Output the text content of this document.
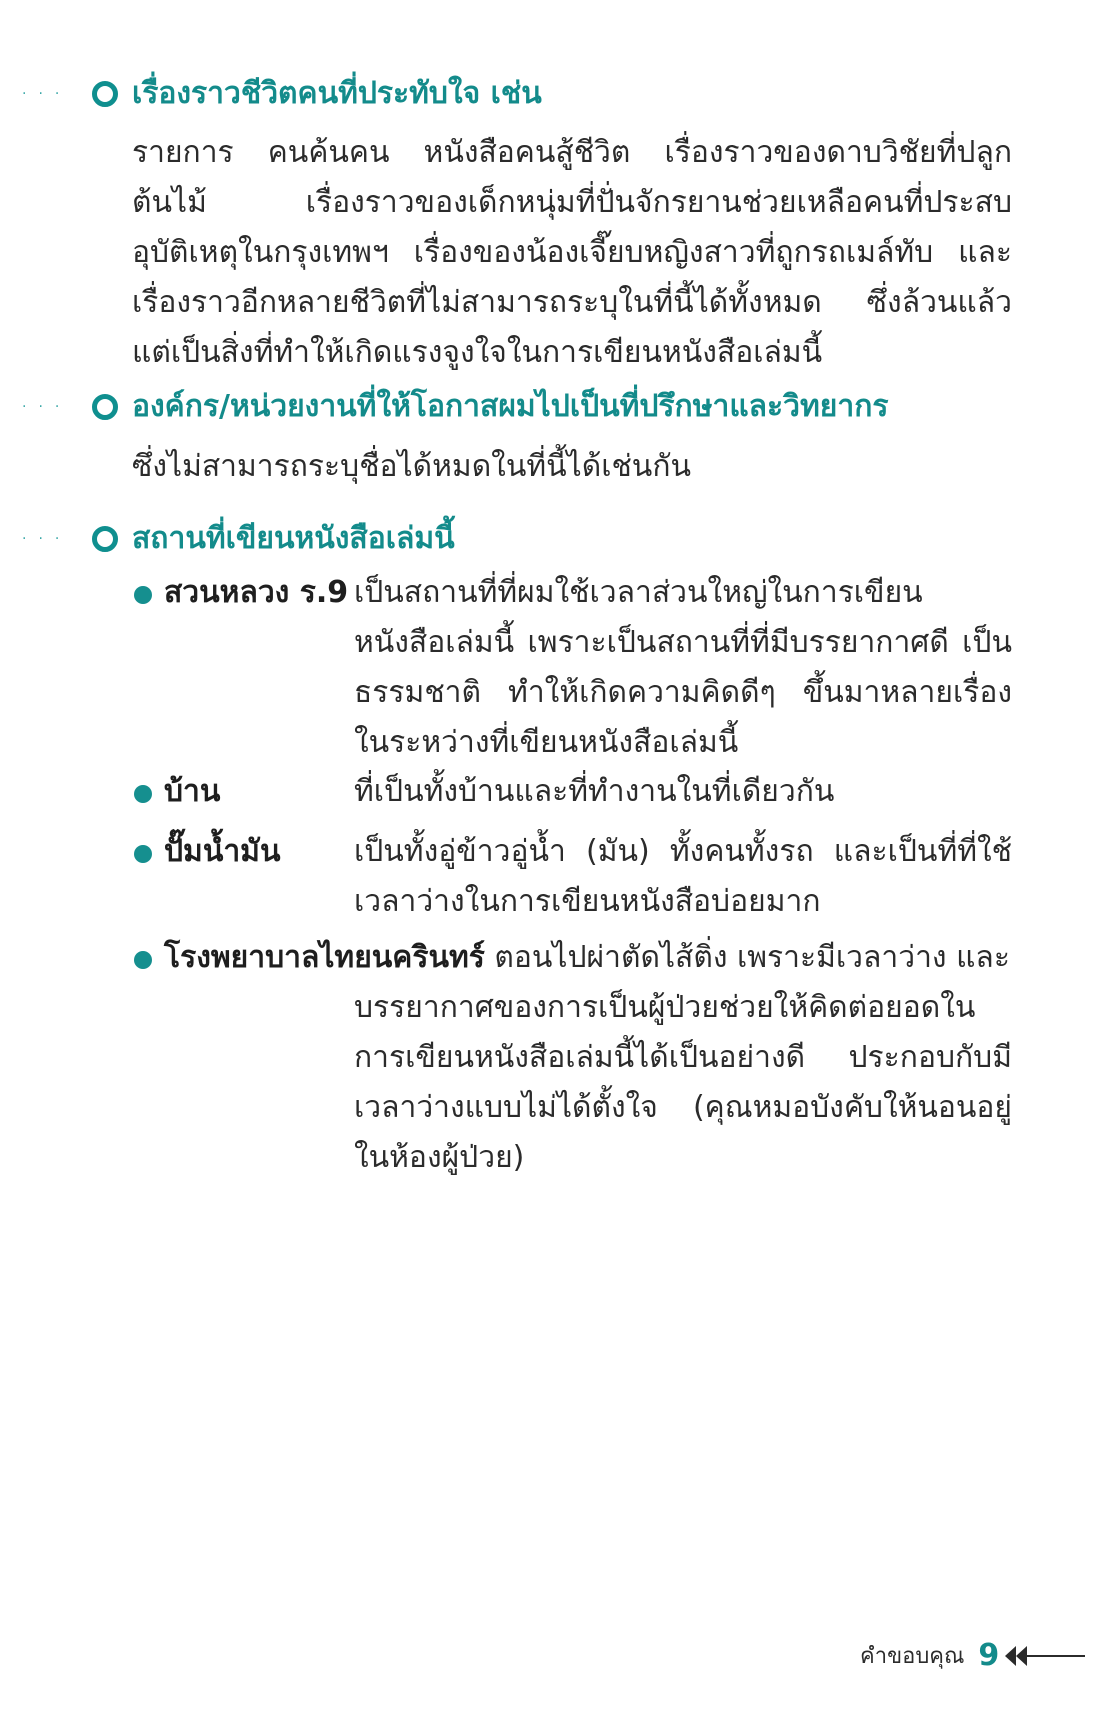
···	เรื่องราวชีวิตคนที่ประทับใจ เช่น
รายการ คนค้นคน หนังสือคนสู้ชีวิต เรื่องราวของดาบวิชัยที่ปลูกต้นไม้ เรื่องราวของเด็กหนุ่มที่ปั่นจักรยานช่วยเหลือคนที่ประสบอุบัติเหตุในกรุงเทพฯ เรื่องของน้องเจี๊ยบหญิงสาวที่ถูกรถเมล์ทับ และเรื่องราวอีกหลายชีวิตที่ไม่สามารถระบุในที่นี้ได้ทั้งหมด ซึ่งล้วนแล้วแต่เป็นสิ่งที่ทำให้เกิดแรงจูงใจในการเขียนหนังสือเล่มนี้
···	องค์กร/หน่วยงานที่ให้โอกาสผมไปเป็นที่ปรึกษาและวิทยากร
ซึ่งไม่สามารถระบุชื่อได้หมดในที่นี้ได้เช่นกัน
···	สถานที่เขียนหนังสือเล่มนี้
สวนหลวง ร.9 เป็นสถานที่ที่ผมใช้เวลาส่วนใหญ่ในการเขียนหนังสือเล่มนี้ เพราะเป็นสถานที่ที่มีบรรยากาศดี เป็นธรรมชาติ ทำให้เกิดความคิดดีๆ ขึ้นมาหลายเรื่องในระหว่างที่เขียนหนังสือเล่มนี้
บ้าน	ที่เป็นทั้งบ้านและที่ทำงานในที่เดียวกัน
ปั๊มน้ำมัน เป็นทั้งอู่ข้าวอู่น้ำ (มัน) ทั้งคนทั้งรถ และเป็นที่ที่ใช้เวลาว่างในการเขียนหนังสือบ่อยมาก
โรงพยาบาลไทยนครินทร์ ตอนไปผ่าตัดไส้ติ่ง เพราะมีเวลาว่าง และ
บรรยากาศของการเป็นผู้ป่วยช่วยให้คิดต่อยอดในการเขียนหนังสือเล่มนี้ได้เป็นอย่างดี ประกอบกับมีเวลาว่างแบบไม่ได้ตั้งใจ (คุณหมอบังคับให้นอนอยู่ในห้องผู้ป่วย)
คำขอบคุณ 9
